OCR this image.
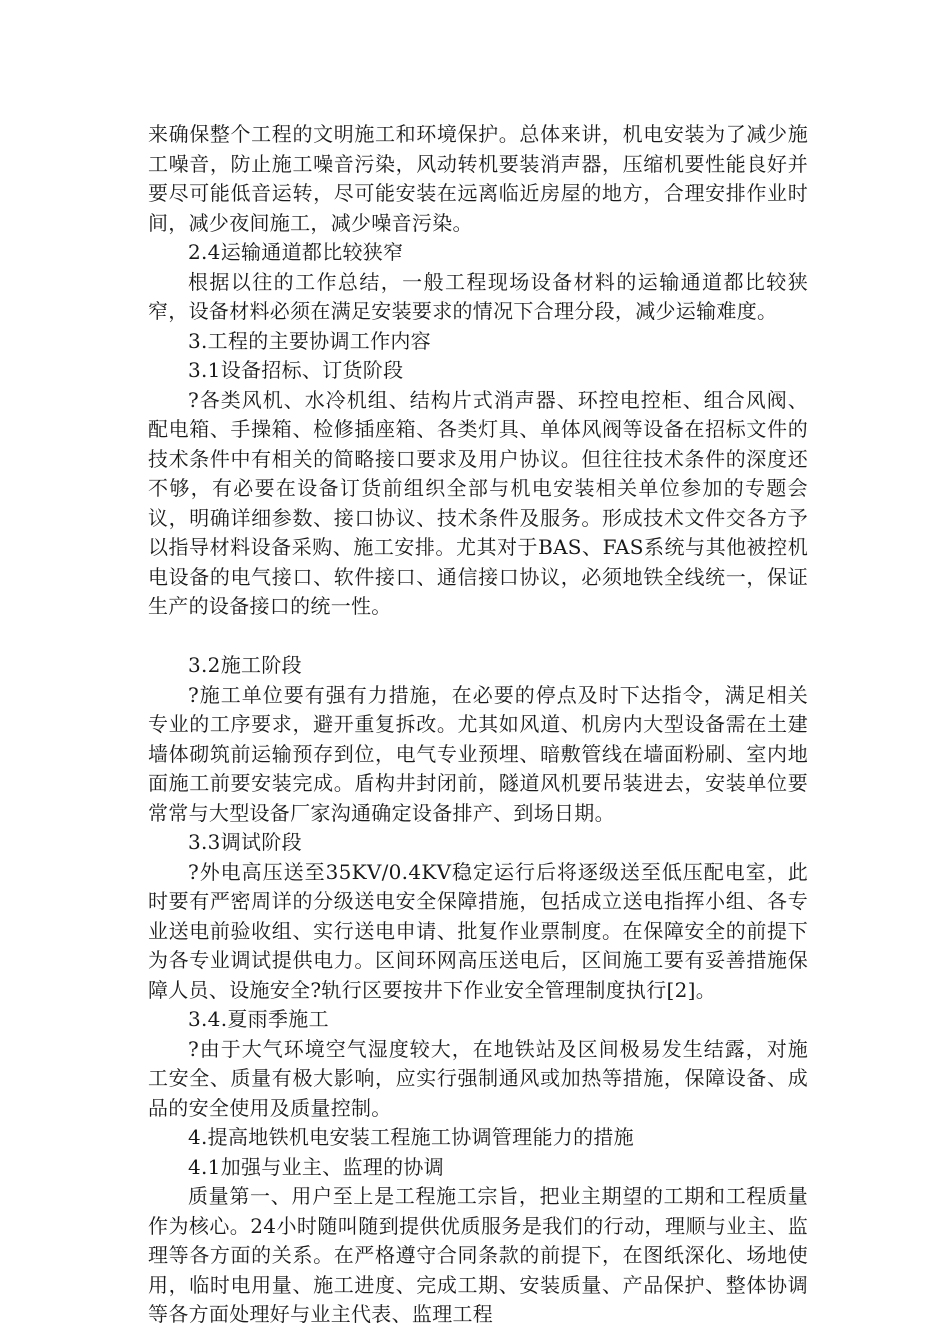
来确保整个工程的文明施工和环境保护。总体来讲，机电安装为了减少施工噪音，防止施工噪音污染，风动转机要装消声器，压缩机要性能良好并要尽可能低音运转，尽可能安装在远离临近房屋的地方，合理安排作业时间，减少夜间施工，减少噪音污染。

2.4运输通道都比较狭窄

根据以往的工作总结，一般工程现场设备材料的运输通道都比较狭窄，设备材料必须在满足安装要求的情况下合理分段，减少运输难度。

3.工程的主要协调工作内容

3.1设备招标、订货阶段

?各类风机、水冷机组、结构片式消声器、环控电控柜、组合风阀、配电箱、手操箱、检修插座箱、各类灯具、单体风阀等设备在招标文件的技术条件中有相关的简略接口要求及用户协议。但往往技术条件的深度还不够，有必要在设备订货前组织全部与机电安装相关单位参加的专题会议，明确详细参数、接口协议、技术条件及服务。形成技术文件交各方予以指导材料设备采购、施工安排。尤其对于BAS、FAS系统与其他被控机电设备的电气接口、软件接口、通信接口协议，必须地铁全线统一，保证生产的设备接口的统一性。

3.2施工阶段

?施工单位要有强有力措施，在必要的停点及时下达指令，满足相关专业的工序要求，避开重复拆改。尤其如风道、机房内大型设备需在土建墙体砌筑前运输预存到位，电气专业预埋、暗敷管线在墙面粉刷、室内地面施工前要安装完成。盾构井封闭前，隧道风机要吊装进去，安装单位要常常与大型设备厂家沟通确定设备排产、到场日期。

3.3调试阶段

?外电高压送至35KV/0.4KV稳定运行后将逐级送至低压配电室，此时要有严密周详的分级送电安全保障措施，包括成立送电指挥小组、各专业送电前验收组、实行送电申请、批复作业票制度。在保障安全的前提下为各专业调试提供电力。区间环网高压送电后，区间施工要有妥善措施保障人员、设施安全?轨行区要按井下作业安全管理制度执行[2]。

3.4.夏雨季施工

?由于大气环境空气湿度较大，在地铁站及区间极易发生结露，对施工安全、质量有极大影响，应实行强制通风或加热等措施，保障设备、成品的安全使用及质量控制。

4.提高地铁机电安装工程施工协调管理能力的措施

4.1加强与业主、监理的协调

质量第一、用户至上是工程施工宗旨，把业主期望的工期和工程质量作为核心。24小时随叫随到提供优质服务是我们的行动，理顺与业主、监理等各方面的关系。在严格遵守合同条款的前提下，在图纸深化、场地使用，临时电用量、施工进度、完成工期、安装质量、产品保护、整体协调等各方面处理好与业主代表、监理工程
